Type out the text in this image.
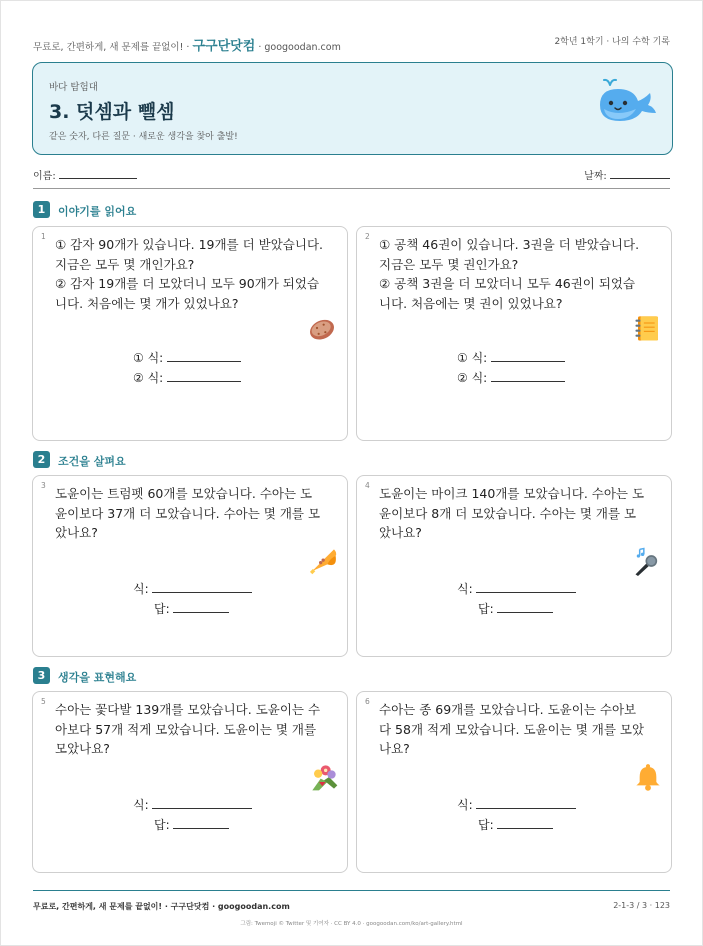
무료로, 간편하게, 새 문제를 끝없이! · 구구단닷컴 · googoodan.com	2학년 1학기 · 나의 수학 기록
바다 탐험대
3. 덧셈과 뺄셈
같은 숫자, 다른 질문 · 새로운 생각을 찾아 출발!
이름:	날짜:
1	이야기를 읽어요
1
① 감자 90개가 있습니다. 19개를 더 받았습니다.
지금은 모두 몇 개인가요?
② 감자 19개를 더 모았더니 모두 90개가 되었습
니다. 처음에는 몇 개가 있었나요?
① 식:
② 식:
2
① 공책 46권이 있습니다. 3권을 더 받았습니다.
지금은 모두 몇 권인가요?
② 공책 3권을 더 모았더니 모두 46권이 되었습
니다. 처음에는 몇 권이 있었나요?
① 식:
② 식:
2	조건을 살펴요
3
도윤이는 트럼펫 60개를 모았습니다. 수아는 도
윤이보다 37개 더 모았습니다. 수아는 몇 개를 모
았나요?
식:
답:
4
도윤이는 마이크 140개를 모았습니다. 수아는 도
윤이보다 8개 더 모았습니다. 수아는 몇 개를 모
았나요?
식:
답:
3	생각을 표현해요
5
수아는 꽃다발 139개를 모았습니다. 도윤이는 수
아보다 57개 적게 모았습니다. 도윤이는 몇 개를
모았나요?
식:
답:
6
수아는 종 69개를 모았습니다. 도윤이는 수아보
다 58개 적게 모았습니다. 도윤이는 몇 개를 모았
나요?
식:
답:
무료로, 간편하게, 새 문제를 끝없이! · 구구단닷컴 · googoodan.com	2-1-3 / 3 · 123
그림: Twemoji © Twitter 및 기여자 · CC BY 4.0 · googoodan.com/ko/art-gallery.html
